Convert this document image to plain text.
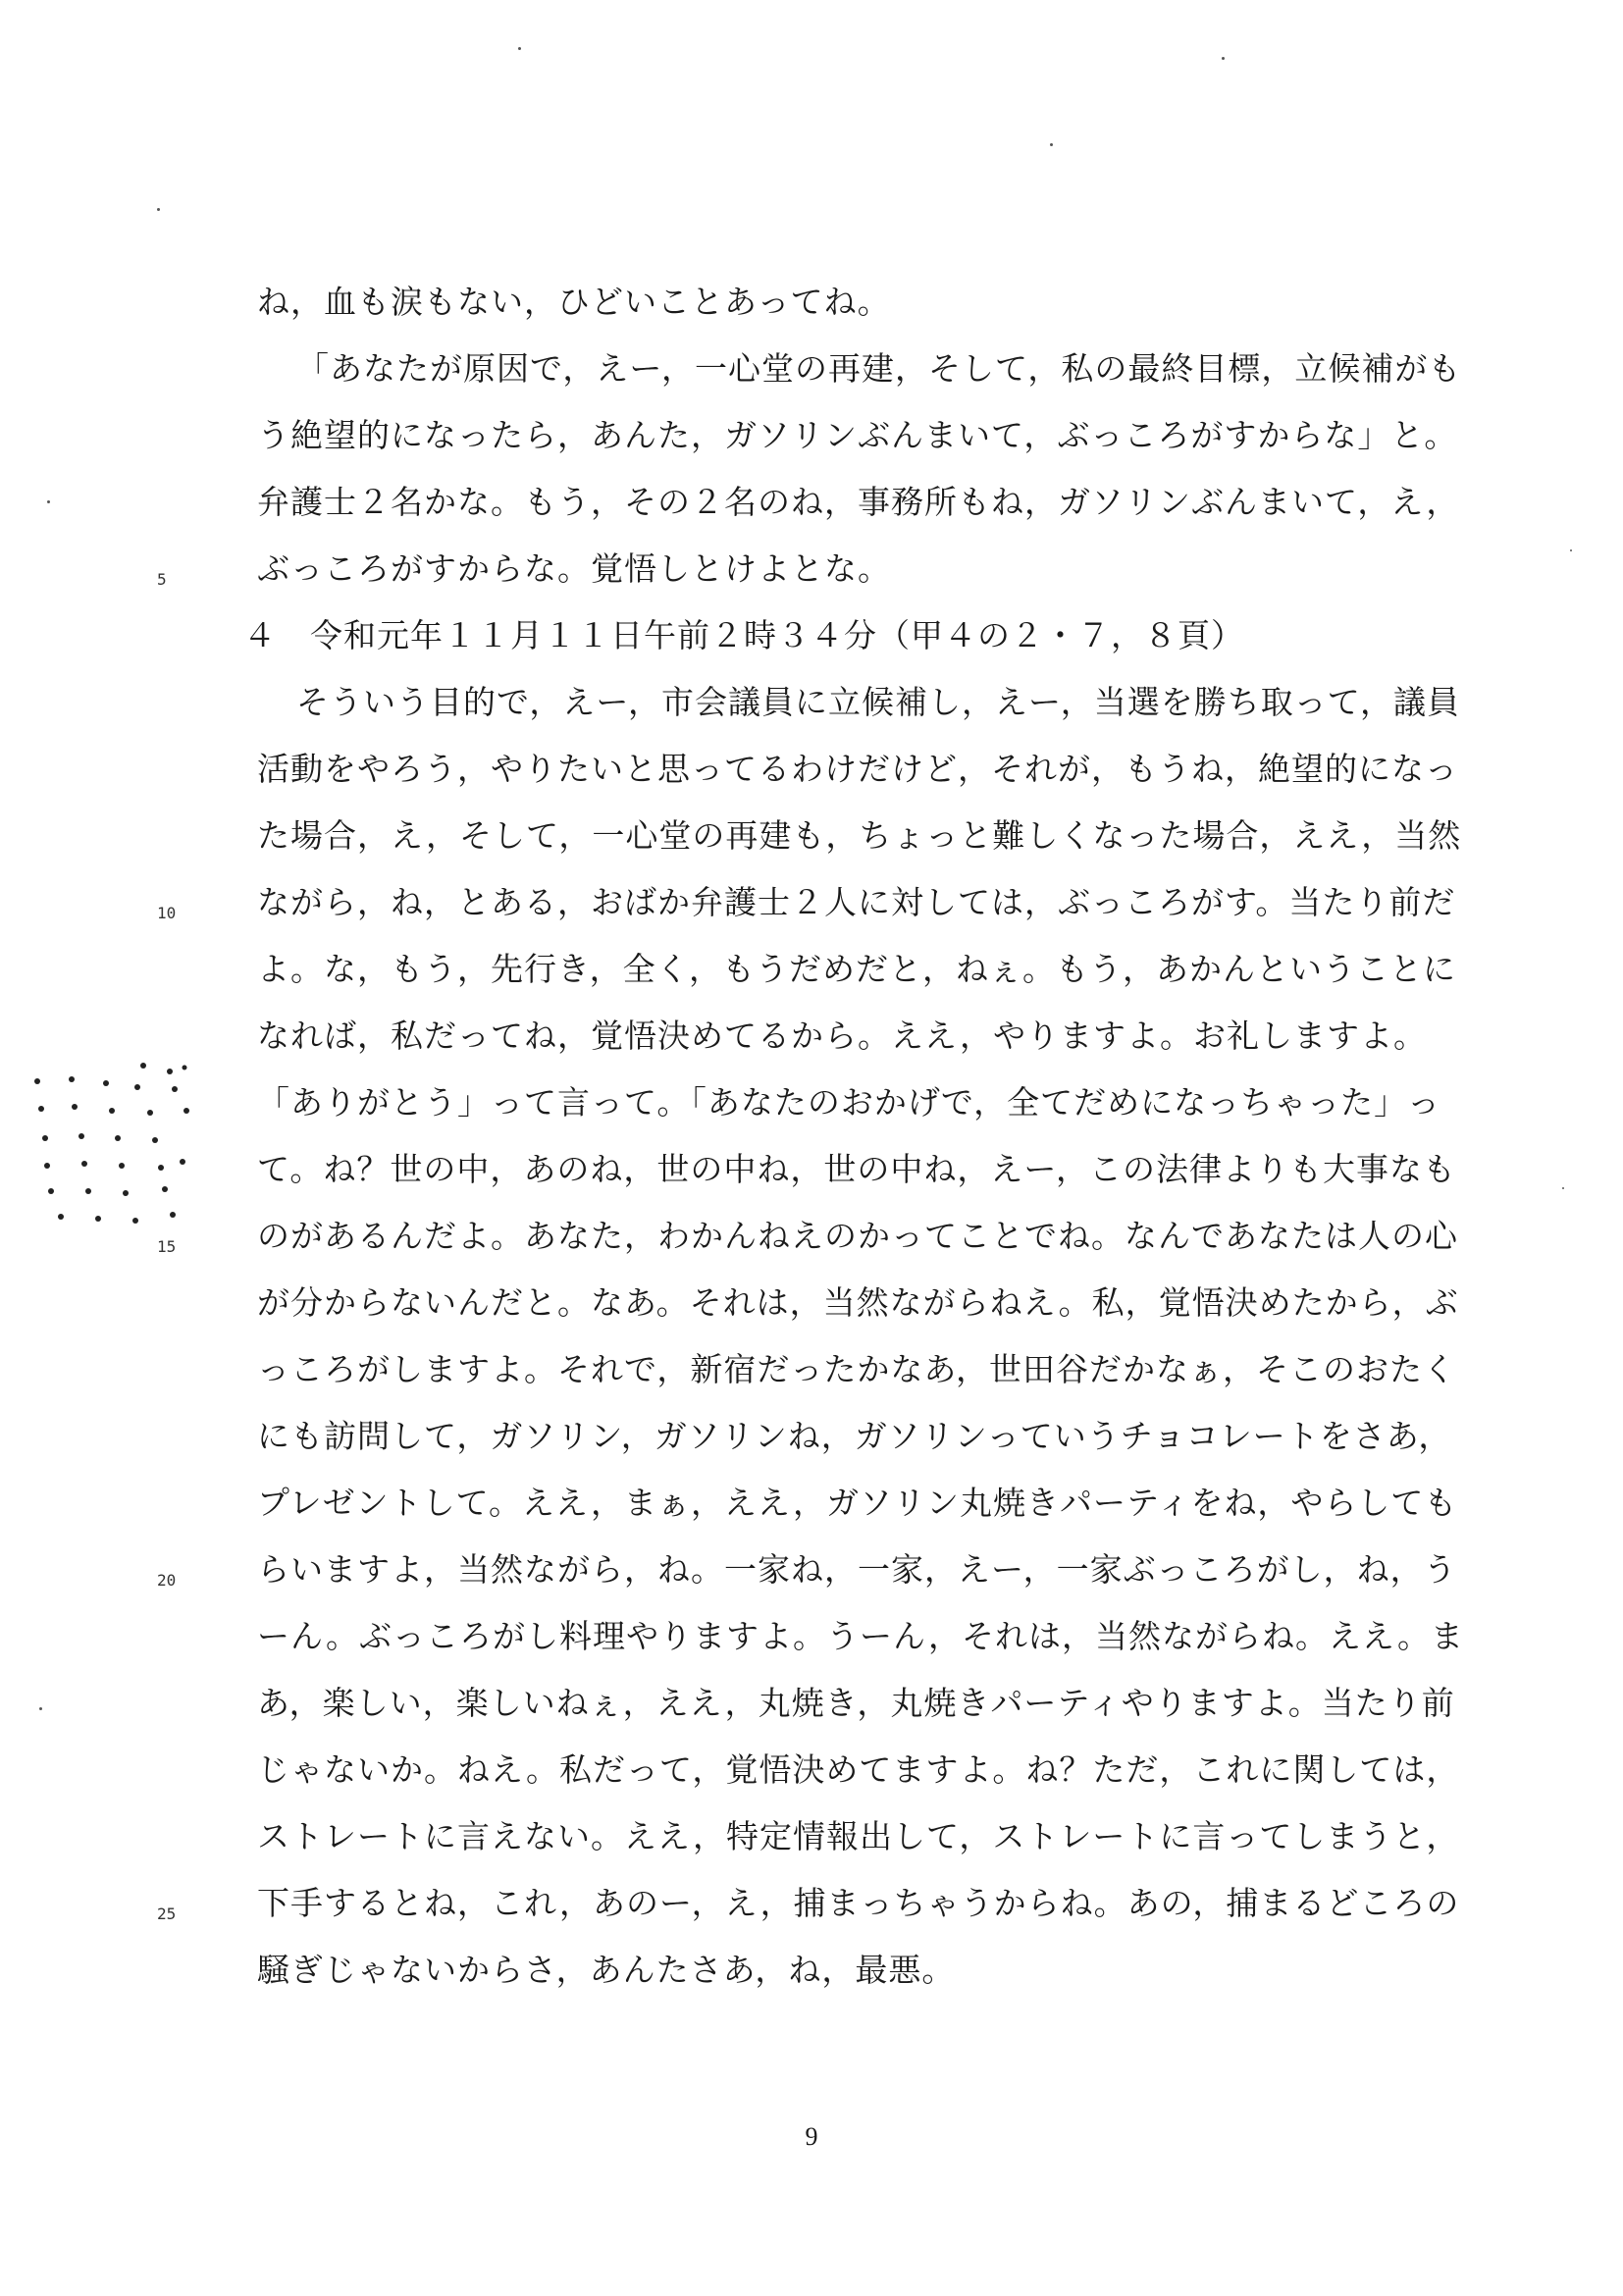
ね，血も涙もない，ひどいことあってね。
「あなたが原因で，えー，一心堂の再建，そして，私の最終目標，立候補がも
う絶望的になったら，あんた，ガソリンぶんまいて，ぶっころがすからな」と。
弁護士２名かな。もう，その２名のね，事務所もね，ガソリンぶんまいて，え，
ぶっころがすからな。覚悟しとけよとな。
４　令和元年１１月１１日午前２時３４分（甲４の２・７，８頁）
そういう目的で，えー，市会議員に立候補し，えー，当選を勝ち取って，議員
活動をやろう，やりたいと思ってるわけだけど，それが，もうね，絶望的になっ
た場合，え，そして，一心堂の再建も，ちょっと難しくなった場合，ええ，当然
ながら，ね，とある，おばか弁護士２人に対しては，ぶっころがす。当たり前だ
よ。な，もう，先行き，全く，もうだめだと，ねぇ。もう，あかんということに
なれば，私だってね，覚悟決めてるから。ええ，やりますよ。お礼しますよ。
「ありがとう」って言って。「あなたのおかげで，全てだめになっちゃった」っ
て。ね？世の中，あのね，世の中ね，世の中ね，えー，この法律よりも大事なも
のがあるんだよ。あなた，わかんねえのかってことでね。なんであなたは人の心
が分からないんだと。なあ。それは，当然ながらねえ。私，覚悟決めたから，ぶ
っころがしますよ。それで，新宿だったかなあ，世田谷だかなぁ，そこのおたく
にも訪問して，ガソリン，ガソリンね，ガソリンっていうチョコレートをさあ，
プレゼントして。ええ，まぁ，ええ，ガソリン丸焼きパーティをね，やらしても
らいますよ，当然ながら，ね。一家ね，一家，えー，一家ぶっころがし，ね，う
ーん。ぶっころがし料理やりますよ。うーん，それは，当然ながらね。ええ。ま
あ，楽しい，楽しいねぇ，ええ，丸焼き，丸焼きパーティやりますよ。当たり前
じゃないか。ねえ。私だって，覚悟決めてますよ。ね？ただ，これに関しては，
ストレートに言えない。ええ，特定情報出して，ストレートに言ってしまうと，
下手するとね，これ，あのー，え，捕まっちゃうからね。あの，捕まるどころの
騒ぎじゃないからさ，あんたさあ，ね，最悪。
5
10
15
20
25
9
